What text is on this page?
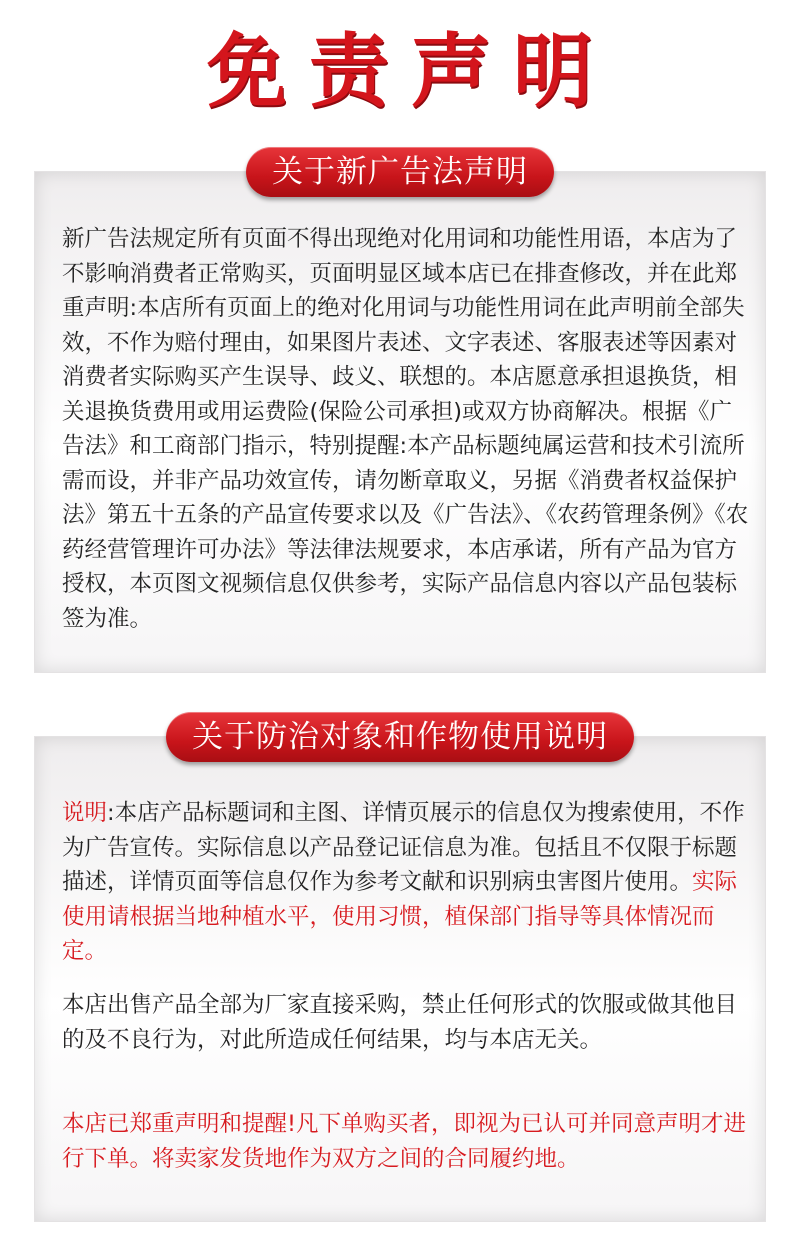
免责声明
关于新广告法声明

新广告法规定所有页面不得出现绝对化用词和功能性用语，本店为了不影响消费者正常购买，页面明显区域本店已在排查修改，并在此郑重声明:本店所有页面上的绝对化用词与功能性用词在此声明前全部失效，不作为赔付理由，如果图片表述、文字表述、客服表述等因素对消费者实际购买产生误导、歧义、联想的。本店愿意承担退换货，相关退换货费用或用运费险(保险公司承担)或双方协商解决。根据《广告法》和工商部门指示，特别提醒:本产品标题纯属运营和技术引流所需而设，并非产品功效宣传，请勿断章取义，另据《消费者权益保护法》第五十五条的产品宣传要求以及《广告法》、《农药管理条例》《农药经营管理许可办法》等法律法规要求，本店承诺，所有产品为官方授权，本页图文视频信息仅供参考，实际产品信息内容以产品包装标签为准。

关于防治对象和作物使用说明

说明:本店产品标题词和主图、详情页展示的信息仅为搜索使用，不作为广告宣传。实际信息以产品登记证信息为准。包括且不仅限于标题描述，详情页面等信息仅作为参考文献和识别病虫害图片使用。实际使用请根据当地种植水平，使用习惯，植保部门指导等具体情况而定。

本店出售产品全部为厂家直接采购，禁止任何形式的饮服或做其他目的及不良行为，对此所造成任何结果，均与本店无关。

本店已郑重声明和提醒!凡下单购买者，即视为已认可并同意声明才进行下单。将卖家发货地作为双方之间的合同履约地。
